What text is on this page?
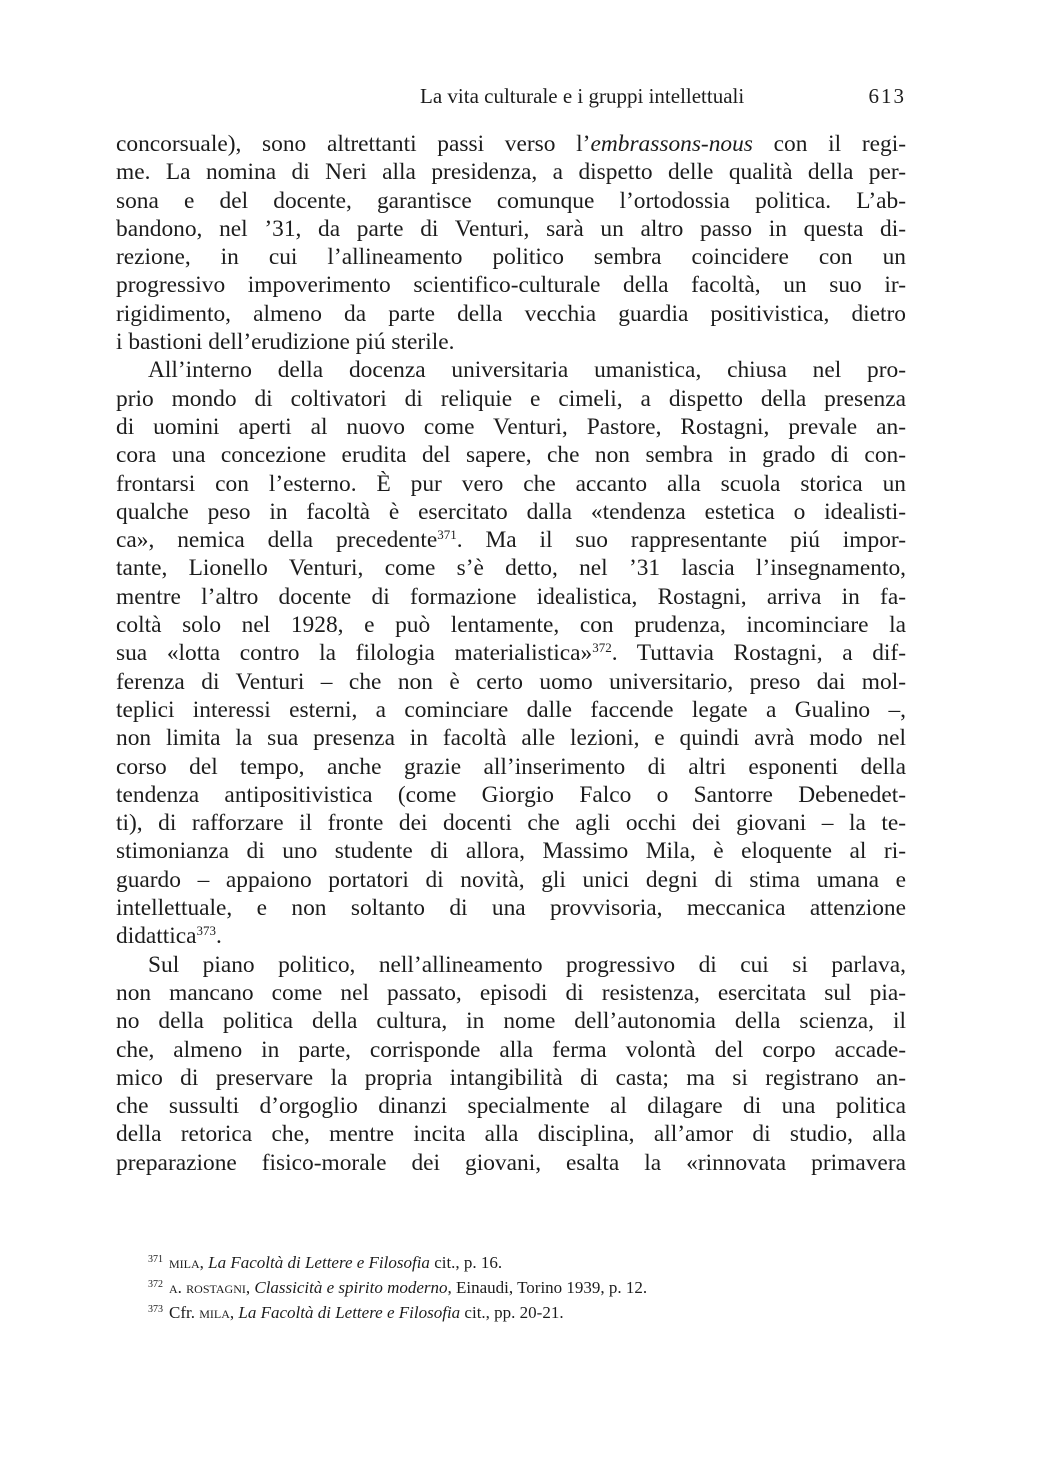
La vita culturale e i gruppi intellettuali	613
concorsuale), sono altrettanti passi verso l’embrassons-nous con il regi-
me. La nomina di Neri alla presidenza, a dispetto delle qualità della per-
sona e del docente, garantisce comunque l’ortodossia politica. L’ab-
bandono, nel ’31, da parte di Venturi, sarà un altro passo in questa di-
rezione, in cui l’allineamento politico sembra coincidere con un
progressivo impoverimento scientifico-culturale della facoltà, un suo ir-
rigidimento, almeno da parte della vecchia guardia positivistica, dietro
i bastioni dell’erudizione piú sterile.
All’interno della docenza universitaria umanistica, chiusa nel pro-
prio mondo di coltivatori di reliquie e cimeli, a dispetto della presenza
di uomini aperti al nuovo come Venturi, Pastore, Rostagni, prevale an-
cora una concezione erudita del sapere, che non sembra in grado di con-
frontarsi con l’esterno. È pur vero che accanto alla scuola storica un
qualche peso in facoltà è esercitato dalla «tendenza estetica o idealisti-
ca», nemica della precedente$^{371}$. Ma il suo rappresentante piú impor-
tante, Lionello Venturi, come s’è detto, nel ’31 lascia l’insegnamento,
mentre l’altro docente di formazione idealistica, Rostagni, arriva in fa-
coltà solo nel 1928, e può lentamente, con prudenza, incominciare la
sua «lotta contro la filologia materialistica»$^{372}$. Tuttavia Rostagni, a dif-
ferenza di Venturi – che non è certo uomo universitario, preso dai mol-
teplici interessi esterni, a cominciare dalle faccende legate a Gualino –,
non limita la sua presenza in facoltà alle lezioni, e quindi avrà modo nel
corso del tempo, anche grazie all’inserimento di altri esponenti della
tendenza antipositivistica (come Giorgio Falco o Santorre Debenedet-
ti), di rafforzare il fronte dei docenti che agli occhi dei giovani – la te-
stimonianza di uno studente di allora, Massimo Mila, è eloquente al ri-
guardo – appaiono portatori di novità, gli unici degni di stima umana e
intellettuale, e non soltanto di una provvisoria, meccanica attenzione
didattica$^{373}$.
Sul piano politico, nell’allineamento progressivo di cui si parlava,
non mancano come nel passato, episodi di resistenza, esercitata sul pia-
no della politica della cultura, in nome dell’autonomia della scienza, il
che, almeno in parte, corrisponde alla ferma volontà del corpo accade-
mico di preservare la propria intangibilità di casta; ma si registrano an-
che sussulti d’orgoglio dinanzi specialmente al dilagare di una politica
della retorica che, mentre incita alla disciplina, all’amor di studio, alla
preparazione fisico-morale dei giovani, esalta la «rinnovata primavera
$^{371}$ mila, La Facoltà di Lettere e Filosofia cit., p. 16.
$^{372}$ a. rostagni, Classicità e spirito moderno, Einaudi, Torino 1939, p. 12.
$^{373}$ Cfr. mila, La Facoltà di Lettere e Filosofia cit., pp. 20-21.
